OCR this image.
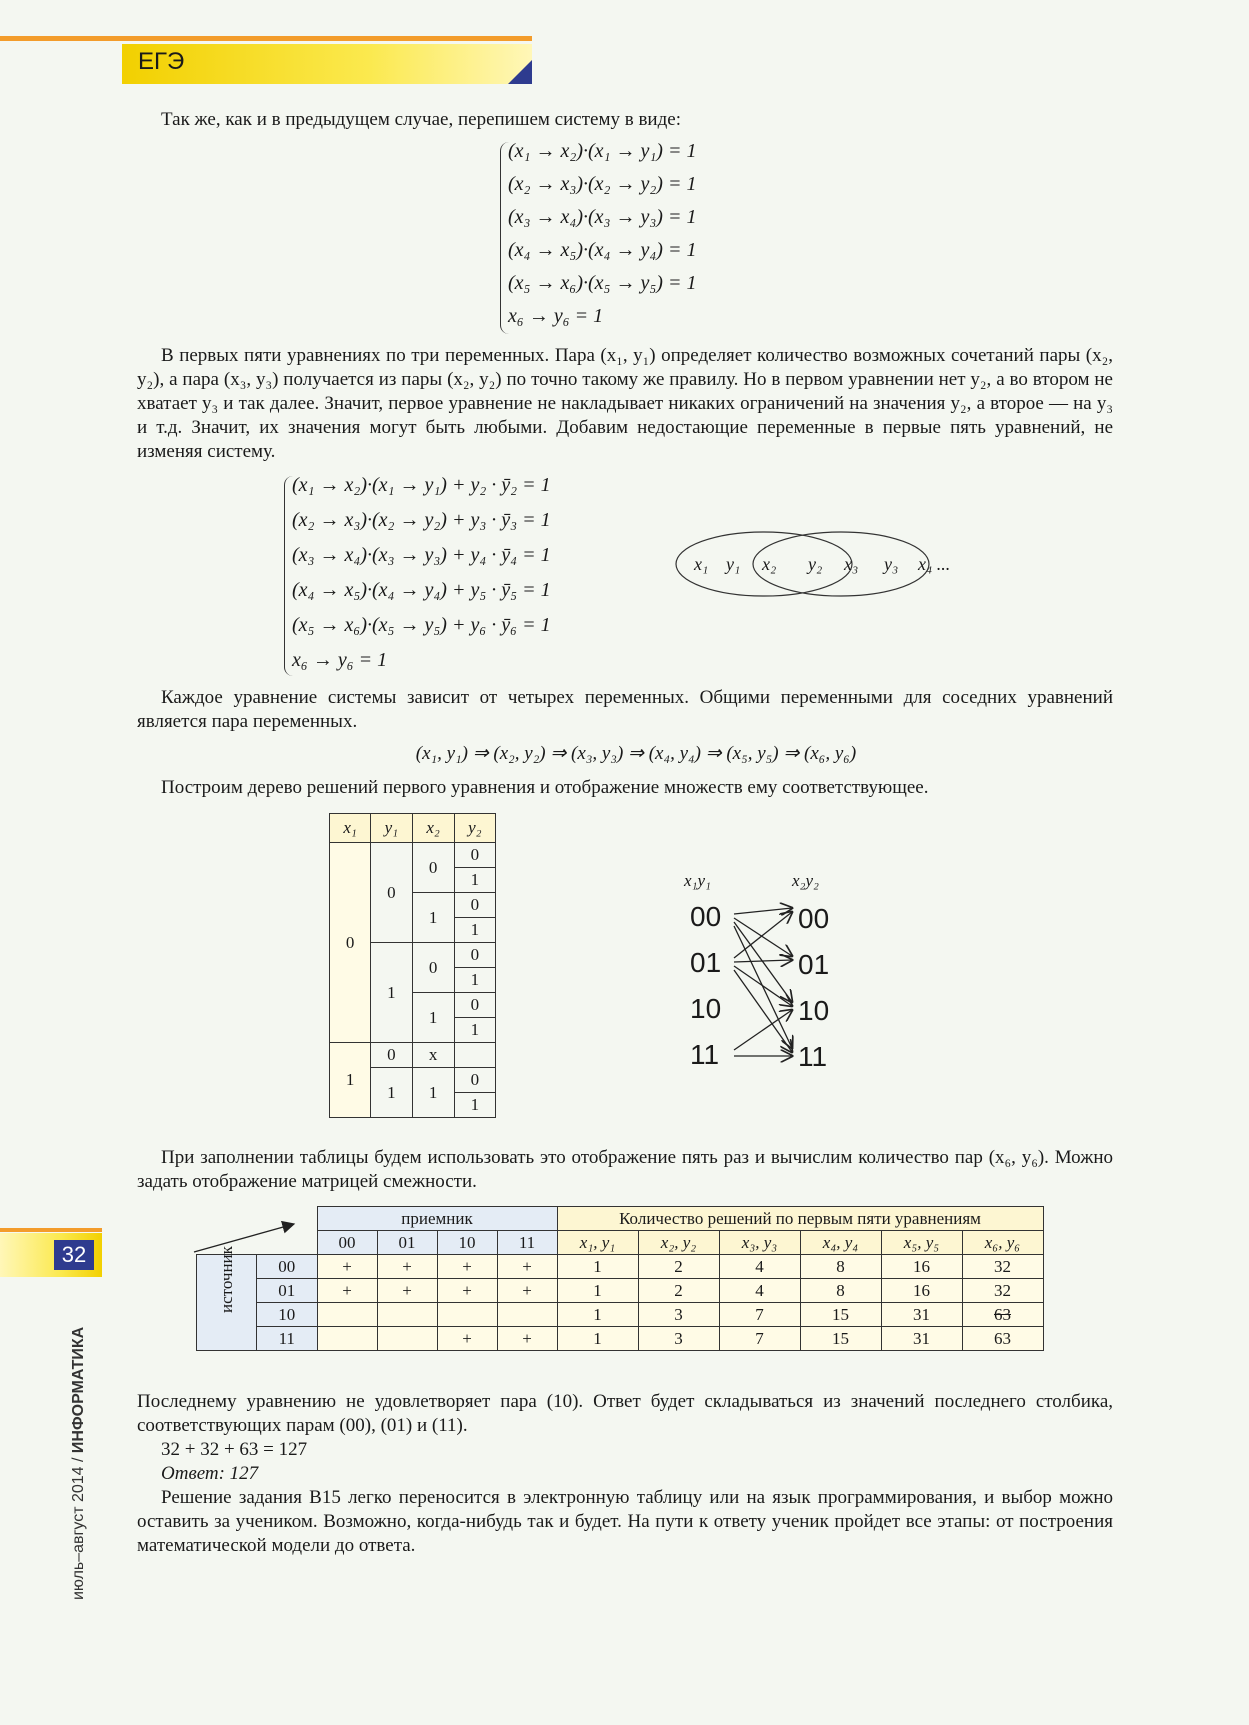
ЕГЭ
32
июль–август 2014 / ИНФОРМАТИКА

Так же, как и в предыдущем случае, перепишем систему в виде:

(x₁ → x₂)·(x₁ → y₁) = 1
(x₂ → x₃)·(x₂ → y₂) = 1
(x₃ → x₄)·(x₃ → y₃) = 1
(x₄ → x₅)·(x₄ → y₄) = 1
(x₅ → x₆)·(x₅ → y₅) = 1
x₆ → y₆ = 1

В первых пяти уравнениях по три переменных. Пара (x₁, y₁) определяет количество возможных сочетаний пары (x₂, y₂), а пара (x₃, y₃) получается из пары (x₂, y₂) по точно такому же правилу. Но в первом уравнении нет y₂, а во втором не хватает y₃ и так далее. Значит, первое уравнение не накладывает никаких ограничений на значения y₂, а второе — на y₃ и т.д. Значит, их значения могут быть любыми. Добавим недостающие переменные в первые пять уравнений, не изменяя систему.

(x₁ → x₂)·(x₁ → y₁) + y₂ · ȳ₂ = 1
(x₂ → x₃)·(x₂ → y₂) + y₃ · ȳ₃ = 1
(x₃ → x₄)·(x₃ → y₃) + y₄ · ȳ₄ = 1
(x₄ → x₅)·(x₄ → y₄) + y₅ · ȳ₅ = 1
(x₅ → x₆)·(x₅ → y₅) + y₆ · ȳ₆ = 1
x₆ → y₆ = 1
x₁ y₁ x₂ y₂ x₃ y₃ x₄ ...

Каждое уравнение системы зависит от четырех переменных. Общими переменными для соседних уравнений является пара переменных.

(x₁, y₁) ⇒ (x₂, y₂) ⇒ (x₃, y₃) ⇒ (x₄, y₄) ⇒ (x₅, y₅) ⇒ (x₆, y₆)

Построим дерево решений первого уравнения и отображение множеств ему соответствующее.

x₁	y₁	x₂	y₂
0	0	0	0
			1
		1	0
			1
	1	0	0
			1
		1	0
			1
1	0	x	
	1	1	0
			1
x₁y₁	x₂y₂
00
01
10
11
00
01
10
11

При заполнении таблицы будем использовать это отображение пять раз и вычислим количество пар (x₆, y₆). Можно задать отображение матрицей смежности.

		приемник				Количество решений по первым пяти уравнениям					
		00	01	10	11	x₁, y₁	x₂, y₂	x₃, y₃	x₄, y₄	x₅, y₅	x₆, y₆

источник	00	+	+	+	+	1	2	4	8	16	32
	01	+	+	+	+	1	2	4	8	16	32
	10					1	3	7	15	31	63
	11			+	+	1	3	7	15	31	63

Последнему уравнению не удовлетворяет пара (10). Ответ будет складываться из значений последнего столбика, соответствующих парам (00), (01) и (11).

32 + 32 + 63 = 127

Ответ: 127

Решение задания B15 легко переносится в электронную таблицу или на язык программирования, и выбор можно оставить за учеником. Возможно, когда-нибудь так и будет. На пути к ответу ученик пройдет все этапы: от построения математической модели до ответа.
